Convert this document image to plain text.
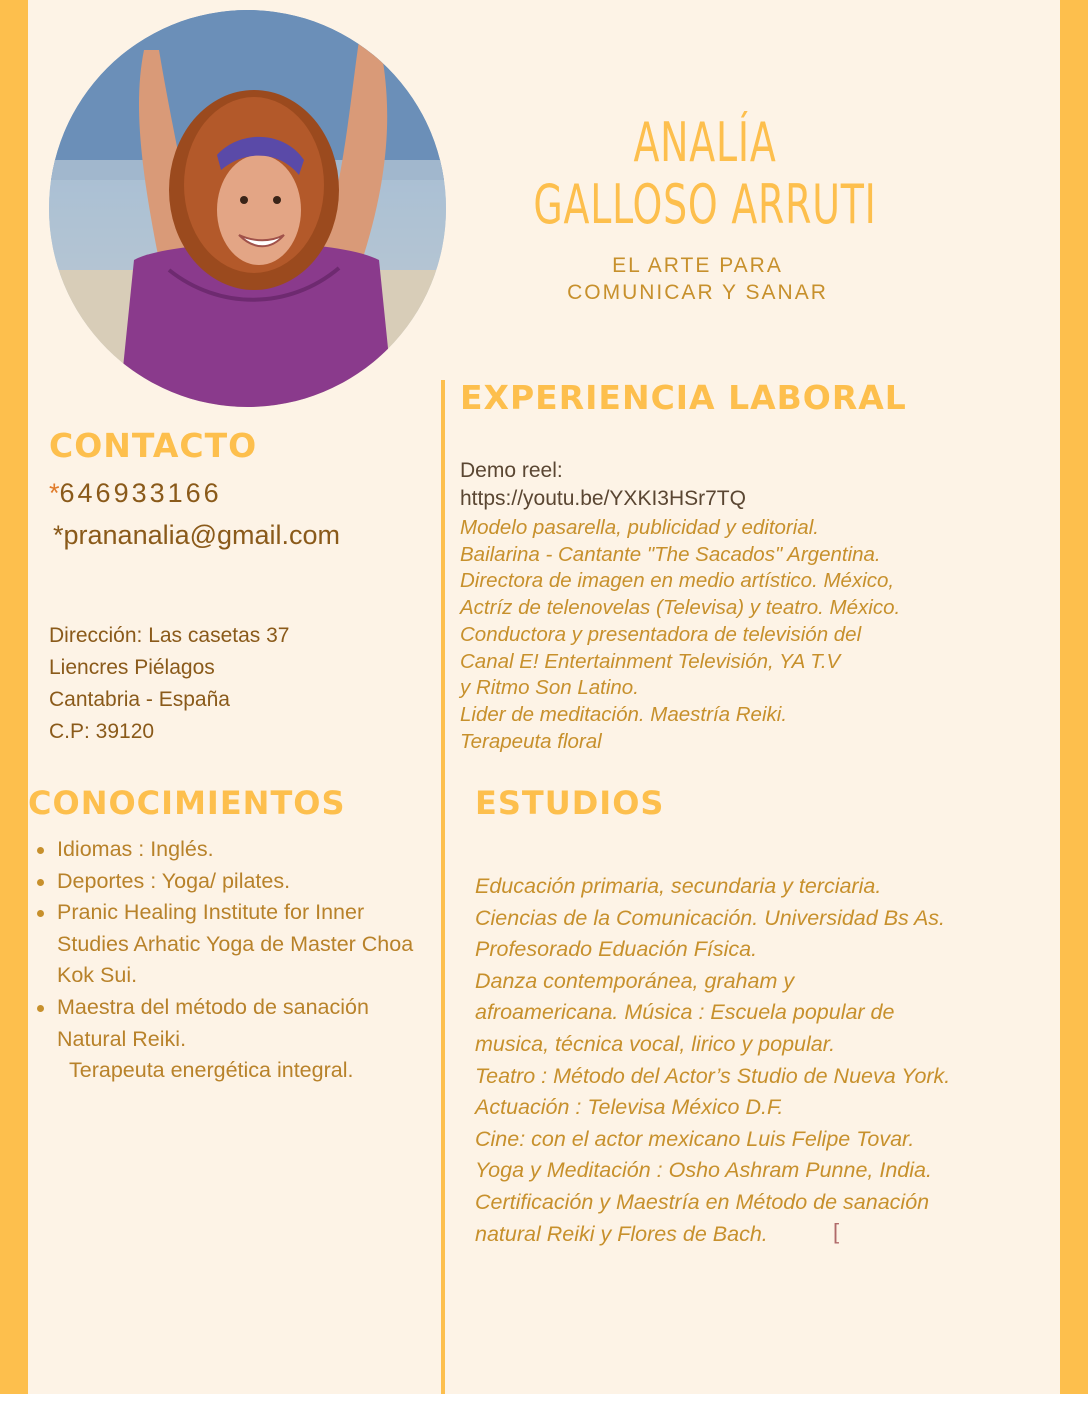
ANALÍA
GALLOSO ARRUTI
EL ARTE PARA
COMUNICAR Y SANAR
EXPERIENCIA LABORAL
CONTACTO
*646933166
*prananalia@gmail.com
Dirección: Las casetas 37
Liencres Piélagos
Cantabria - España
C.P: 39120
Demo reel:
https://youtu.be/YXKI3HSr7TQ
Modelo pasarella, publicidad y editorial.
Bailarina - Cantante "The Sacados" Argentina.
Directora de imagen en medio artístico. México,
Actríz de telenovelas (Televisa) y teatro. México.
Conductora y presentadora de televisión del
Canal E! Entertainment Televisión, YA T.V
y Ritmo Son Latino.
Lider de meditación. Maestría Reiki.
Terapeuta floral
CONOCIMIENTOS	ESTUDIOS
Idiomas : Inglés.
Deportes : Yoga/ pilates.
Pranic Healing Institute for Inner Studies Arhatic Yoga de Master Choa Kok Sui.
Maestra del método de sanación Natural Reiki.
Terapeuta energética integral.
Educación primaria, secundaria y terciaria.
Ciencias de la Comunicación. Universidad Bs As.
Profesorado Eduación Física.
Danza contemporánea, graham y
afroamericana. Música : Escuela popular de
musica, técnica vocal, lirico y popular.
Teatro : Método del Actor’s Studio de Nueva York.
Actuación : Televisa México D.F.
Cine: con el actor mexicano Luis Felipe Tovar.
Yoga y Meditación : Osho Ashram Punne, India.
Certificación y Maestría en Método de sanación
natural Reiki y Flores de Bach.	[
